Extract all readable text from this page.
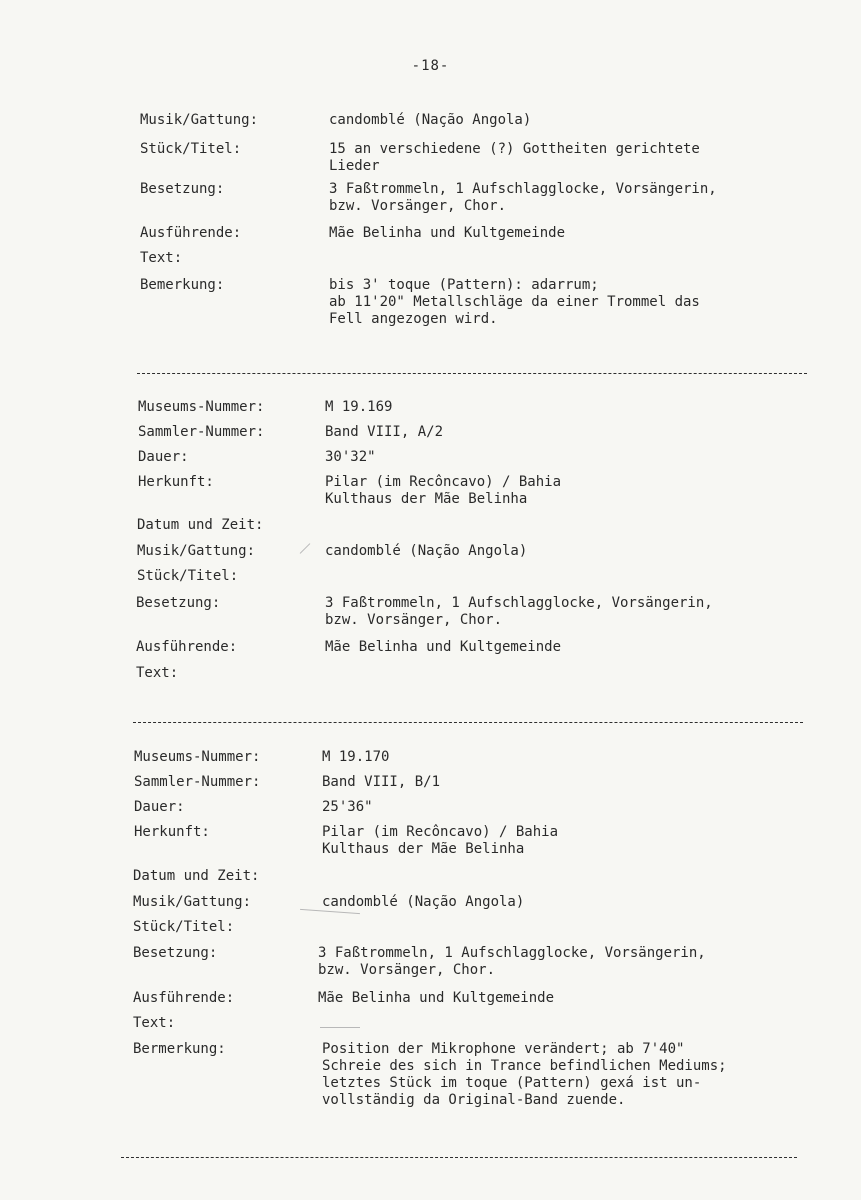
-18-
Musik/Gattung:	candomblé (Nação Angola)
Stück/Titel:	15 an verschiedene (?) Gottheiten gerichtete
Lieder
Besetzung:	3 Faßtrommeln, 1 Aufschlagglocke, Vorsängerin,
bzw. Vorsänger, Chor.
Ausführende:	Mãe Belinha und Kultgemeinde
Text:
Bemerkung:	bis 3' toque (Pattern): adarrum;
ab 11'20" Metallschläge da einer Trommel das
Fell angezogen wird.
Museums-Nummer:	M 19.169
Sammler-Nummer:	Band VIII, A/2
Dauer:	30'32"
Herkunft:	Pilar (im Recôncavo) / Bahia
Kulthaus der Mãe Belinha
Datum und Zeit:
Musik/Gattung:	candomblé (Nação Angola)
Stück/Titel:
Besetzung:	3 Faßtrommeln, 1 Aufschlagglocke, Vorsängerin,
bzw. Vorsänger, Chor.
Ausführende:	Mãe Belinha und Kultgemeinde
Text:
Museums-Nummer:	M 19.170
Sammler-Nummer:	Band VIII, B/1
Dauer:	25'36"
Herkunft:	Pilar (im Recôncavo) / Bahia
Kulthaus der Mãe Belinha
Datum und Zeit:
Musik/Gattung:	candomblé (Nação Angola)
Stück/Titel:
Besetzung:	3 Faßtrommeln, 1 Aufschlagglocke, Vorsängerin,
bzw. Vorsänger, Chor.
Ausführende:	Mãe Belinha und Kultgemeinde
Text:
Bermerkung:	Position der Mikrophone verändert; ab 7'40"
Schreie des sich in Trance befindlichen Mediums;
letztes Stück im toque (Pattern) gexá ist un-
vollständig da Original-Band zuende.
